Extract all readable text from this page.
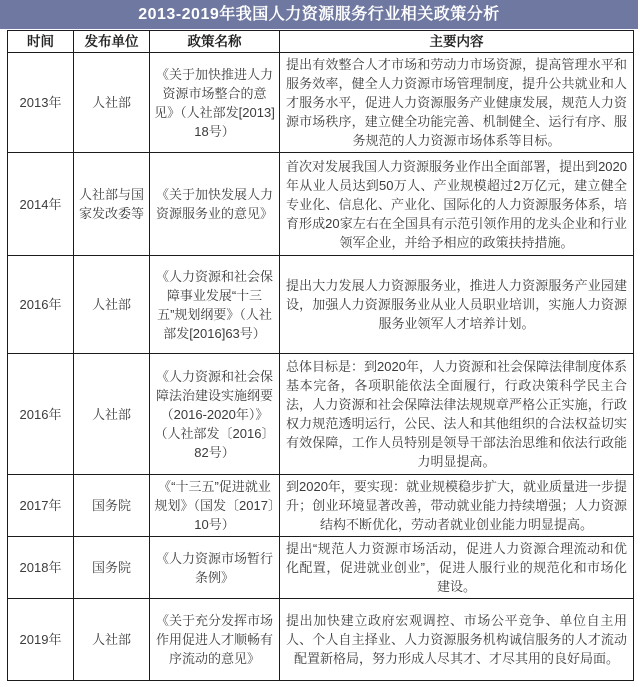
2013-2019年我国人力资源服务行业相关政策分析
时间	发布单位	政策名称	主要内容
2013年	人社部	《关于加快推进人力资源市场整合的意见》（人社部发[2013]18号）	提出有效整合人才市场和劳动力市场资源，提高管理水平和服务效率，健全人力资源市场管理制度，提升公共就业和人才服务水平，促进人力资源服务产业健康发展，规范人力资源市场秩序，建立健全功能完善、机制健全、运行有序、服务规范的人力资源市场体系等目标。
2014年	人社部与国家发改委等	《关于加快发展人力资源服务业的意见》	首次对发展我国人力资源服务业作出全面部署，提出到2020年从业人员达到50万人、产业规模超过2万亿元，建立健全专业化、信息化、产业化、国际化的人力资源服务体系，培育形成20家左右在全国具有示范引领作用的龙头企业和行业领军企业，并给予相应的政策扶持措施。
2016年	人社部	《人力资源和社会保障事业发展“十三五”规划纲要》（人社部发[2016]63号）	提出大力发展人力资源服务业，推进人力资源服务产业园建设，加强人力资源服务业从业人员职业培训，实施人力资源服务业领军人才培养计划。
2016年	人社部	《人力资源和社会保障法治建设实施纲要（2016-2020年）》（人社部发〔2016〕82号）	总体目标是：到2020年，人力资源和社会保障法律制度体系基本完备，各项职能依法全面履行，行政决策科学民主合法，人力资源和社会保障法律法规规章严格公正实施，行政权力规范透明运行，公民、法人和其他组织的合法权益切实有效保障，工作人员特别是领导干部法治思维和依法行政能力明显提高。
2017年	国务院	《“十三五”促进就业规划》（国发〔2017〕10号）	到2020年，要实现：就业规模稳步扩大，就业质量进一步提升；创业环境显著改善，带动就业能力持续增强；人力资源结构不断优化，劳动者就业创业能力明显提高。
2018年	国务院	《人力资源市场暂行条例》	提出“规范人力资源市场活动，促进人力资源合理流动和优化配置，促进就业创业”，促进人服行业的规范化和市场化建设。
2019年	人社部	《关于充分发挥市场作用促进人才顺畅有序流动的意见》	提出加快建立政府宏观调控、市场公平竞争、单位自主用人、个人自主择业、人力资源服务机构诚信服务的人才流动配置新格局，努力形成人尽其才、才尽其用的良好局面。
